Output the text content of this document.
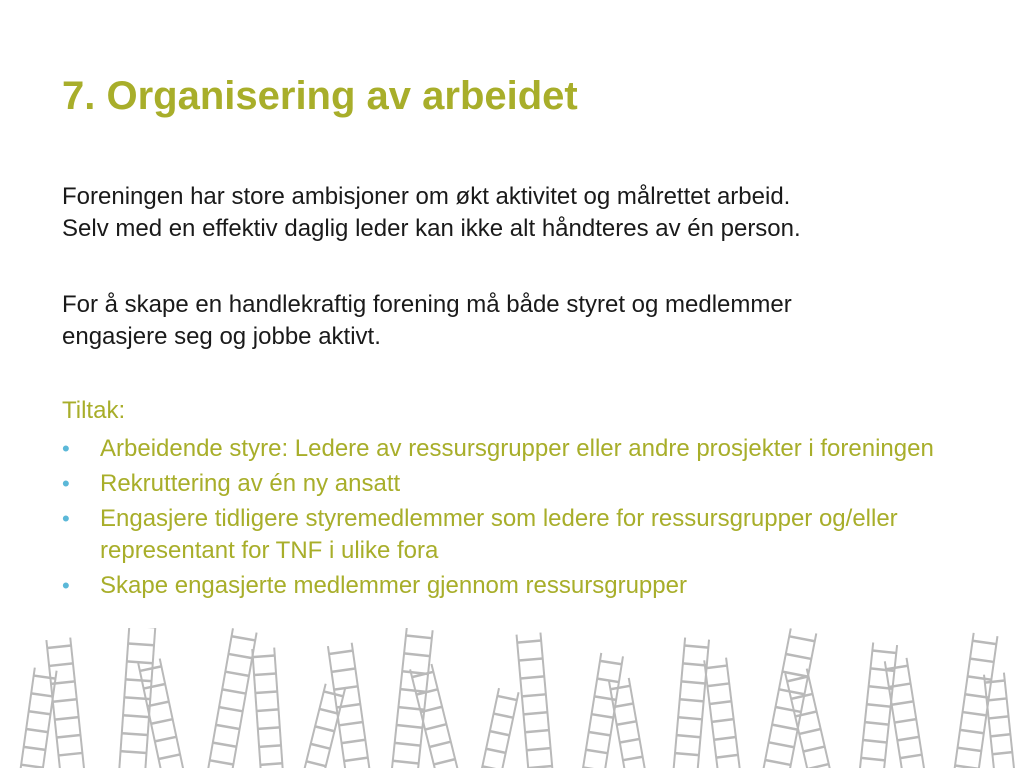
7. Organisering av arbeidet

Foreningen har store ambisjoner om økt aktivitet og målrettet arbeid.

Selv med en effektiv daglig leder kan ikke alt håndteres av én person.

For å skape en handlekraftig forening må både styret og medlemmer

engasjere seg og jobbe aktivt.

Tiltak:

•	Arbeidende styre: Ledere av ressursgrupper eller andre prosjekter i foreningen
•	Rekruttering av én ny ansatt
•	Engasjere tidligere styremedlemmer som ledere for ressursgrupper og/eller representant for TNF i ulike fora
•	Skape engasjerte medlemmer gjennom ressursgrupper
